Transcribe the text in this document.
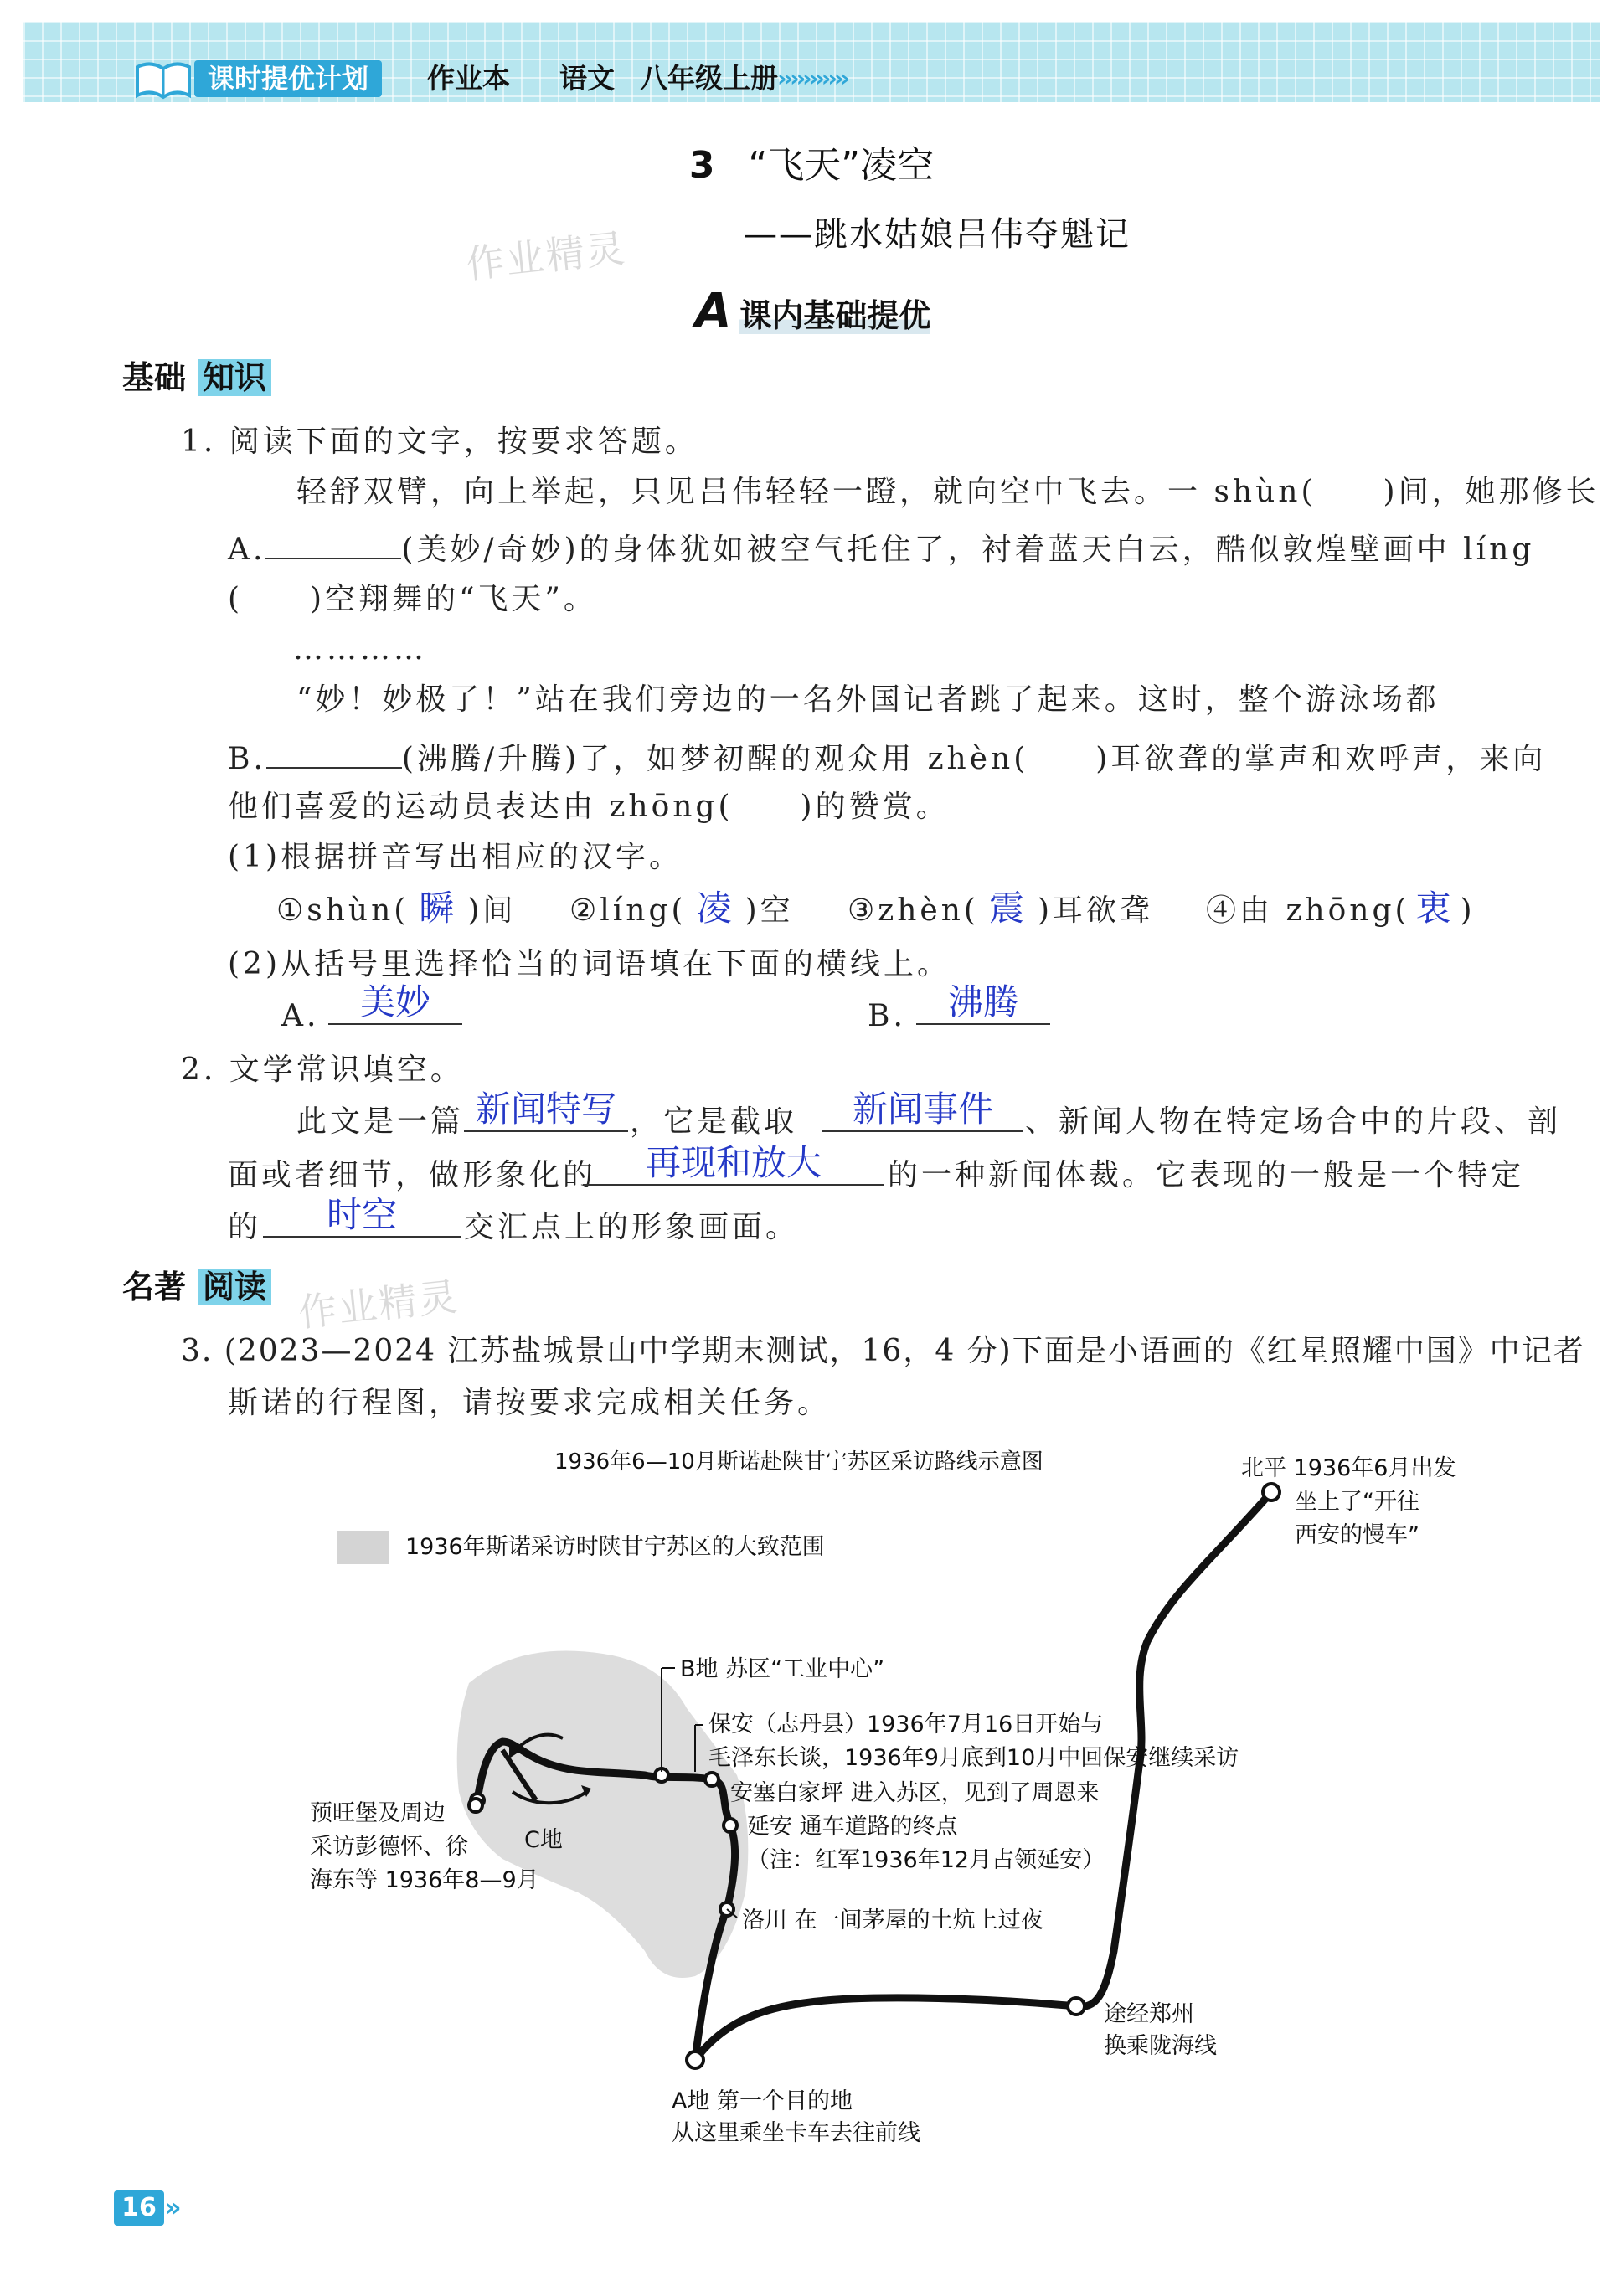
课时提优计划	作业本 语文 八年级上册 ›››››››››››
3 “飞天”凌空
——跳水姑娘吕伟夺魁记
作业精灵
A 课内基础提优
基础 知识
1. 阅读下面的文字，按要求答题。
轻舒双臂，向上举起，只见吕伟轻轻一蹬，就向空中飞去。一 shùn(　　)间，她那修长
A.	(美妙/奇妙)的身体犹如被空气托住了，衬着蓝天白云，酷似敦煌壁画中 líng
(　　)空翔舞的“飞天”。
…………
“妙！妙极了！”站在我们旁边的一名外国记者跳了起来。这时，整个游泳场都
B.	(沸腾/升腾)了，如梦初醒的观众用 zhèn(　　)耳欲聋的掌声和欢呼声，来向
他们喜爱的运动员表达由 zhōng(　　)的赞赏。
(1)根据拼音写出相应的汉字。
①shùn( 瞬 )间 ②líng( 凌 )空 ③zhèn( 震 )耳欲聋 ④由 zhōng( 衷 )
(2)从括号里选择恰当的词语填在下面的横线上。
A.	美妙	B.	沸腾
2. 文学常识填空。
此文是一篇 新闻特写 ，它是截取	新闻事件	、新闻人物在特定场合中的片段、剖
面或者细节，做形象化的	再现和放大	的一种新闻体裁。它表现的一般是一个特定
的	时空	交汇点上的形象画面。
名著 阅读 作业精灵
3. (2023—2024 江苏盐城景山中学期末测试，16，4 分)下面是小语画的《红星照耀中国》中记者
斯诺的行程图，请按要求完成相关任务。
1936年6—10月斯诺赴陕甘宁苏区采访路线示意图
1936年斯诺采访时陕甘宁苏区的大致范围
北平 1936年6月出发
坐上了“开往
西安的慢车”
B地 苏区“工业中心”
保安（志丹县）1936年7月16日开始与
毛泽东长谈，1936年9月底到10月中回保安继续采访
安塞白家坪 进入苏区，见到了周恩来
延安 通车道路的终点
（注：红军1936年12月占领延安）
预旺堡及周边
采访彭德怀、徐
海东等 1936年8—9月
C地
洛川 在一间茅屋的土炕上过夜
途经郑州
换乘陇海线
A地 第一个目的地
从这里乘坐卡车去往前线
16 »
